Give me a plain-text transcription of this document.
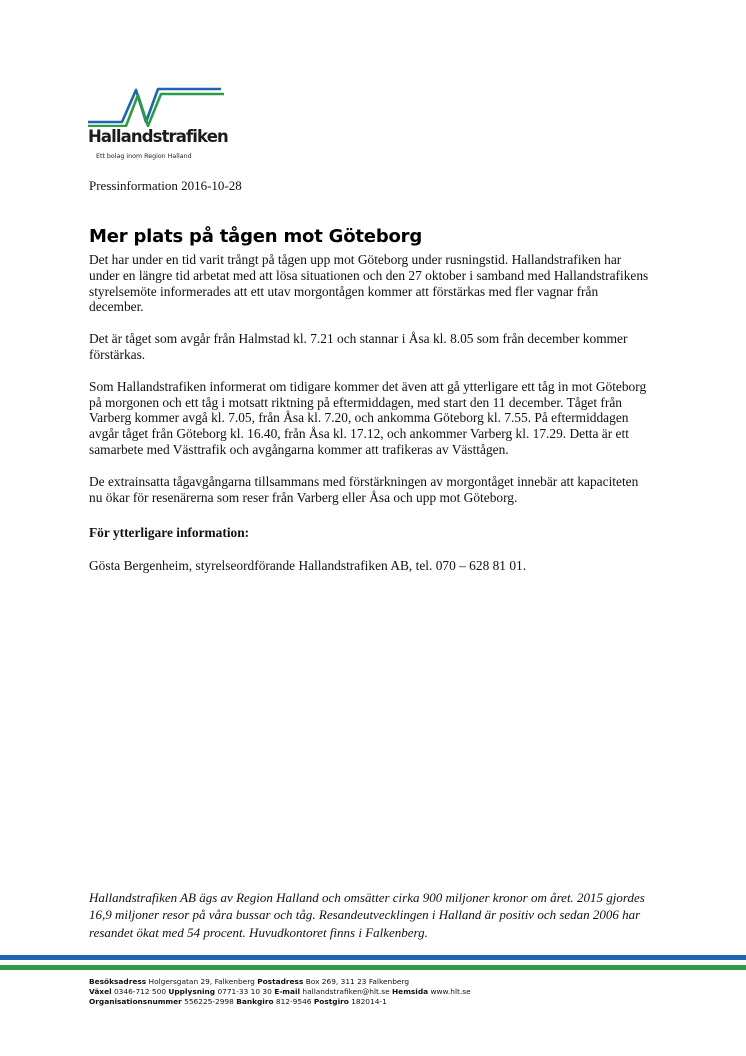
Hallandstrafiken
Ett bolag inom Region Halland
Pressinformation 2016-10-28
Mer plats på tågen mot Göteborg

Det har under en tid varit trångt på tågen upp mot Göteborg under rusningstid. Hallandstrafiken har under en längre tid arbetat med att lösa situationen och den 27 oktober i samband med Hallandstrafikens styrelsemöte informerades att ett utav morgontågen kommer att förstärkas med fler vagnar från december.

Det är tåget som avgår från Halmstad kl. 7.21 och stannar i Åsa kl. 8.05 som från december kommer förstärkas.

Som Hallandstrafiken informerat om tidigare kommer det även att gå ytterligare ett tåg in mot Göteborg på morgonen och ett tåg i motsatt riktning på eftermiddagen, med start den 11 december. Tåget från Varberg kommer avgå kl. 7.05, från Åsa kl. 7.20, och ankomma Göteborg kl. 7.55. På eftermiddagen avgår tåget från Göteborg kl. 16.40, från Åsa kl. 17.12, och ankommer Varberg kl. 17.29. Detta är ett samarbete med Västtrafik och avgångarna kommer att trafikeras av Västtågen.

De extrainsatta tågavgångarna tillsammans med förstärkningen av morgontåget innebär att kapaciteten nu ökar för resenärerna som reser från Varberg eller Åsa och upp mot Göteborg.

För ytterligare information:

Gösta Bergenheim, styrelseordförande Hallandstrafiken AB, tel. 070 – 628 81 01.

Hallandstrafiken AB ägs av Region Halland och omsätter cirka 900 miljoner kronor om året. 2015 gjordes 16,9 miljoner resor på våra bussar och tåg. Resandeutvecklingen i Halland är positiv och sedan 2006 har resandet ökat med 54 procent. Huvudkontoret finns i Falkenberg.
Besöksadress Holgersgatan 29, Falkenberg Postadress Box 269, 311 23 Falkenberg
Växel 0346-712 500 Upplysning 0771-33 10 30 E-mail hallandstrafiken@hlt.se Hemsida www.hlt.se
Organisationsnummer 556225-2998 Bankgiro 812-9546 Postgiro 182014-1
